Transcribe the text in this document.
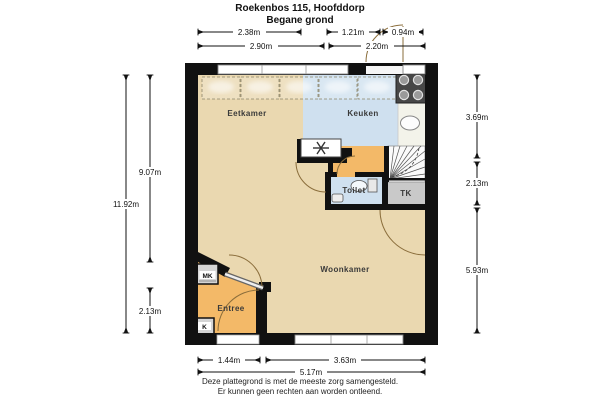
Roekenbos 115, Hoofddorp
Begane grond
Eetkamer	Keuken
Toilet	TK
Woonkamer
Entree
MK
K
2.38m	1.21m	0.94m
2.90m	2.20m
11.92m
9.07m
2.13m
3.69m
2.13m
5.93m
1.44m	3.63m
5.17m
Deze plattegrond is met de meeste zorg samengesteld.
Er kunnen geen rechten aan worden ontleend.
